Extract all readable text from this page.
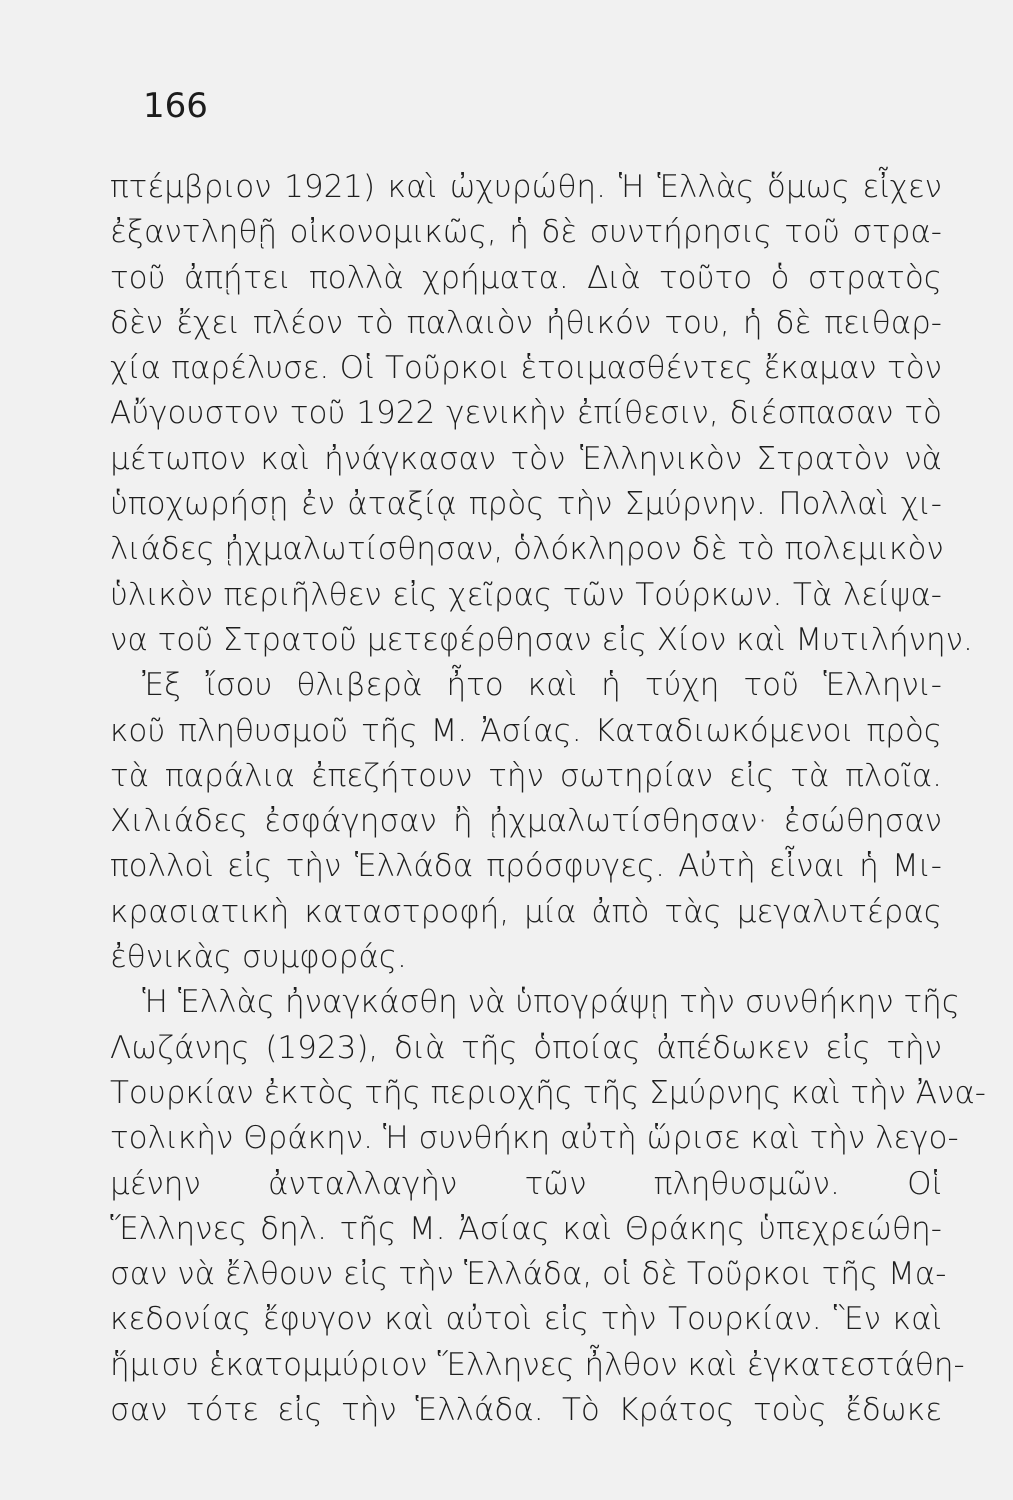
166
πτέμβριον 1921) καὶ ὠχυρώθη. Ἡ Ἑλλὰς ὅμως εἶχεν
ἐξαντληθῇ οἰκονομικῶς, ἡ δὲ συντήρησις τοῦ στρα-
τοῦ ἀπῄτει πολλὰ χρήματα. Διὰ τοῦτο ὁ στρατὸς
δὲν ἔχει πλέον τὸ παλαιὸν ἠθικόν του, ἡ δὲ πειθαρ-
χία παρέλυσε. Οἱ Τοῦρκοι ἑτοιμασθέντες ἔκαμαν τὸν
Αὔγουστον τοῦ 1922 γενικὴν ἐπίθεσιν, διέσπασαν τὸ
μέτωπον καὶ ἠνάγκασαν τὸν Ἑλληνικὸν Στρατὸν νὰ
ὑποχωρήσῃ ἐν ἀταξίᾳ πρὸς τὴν Σμύρνην. Πολλαὶ χι-
λιάδες ᾐχμαλωτίσθησαν, ὁλόκληρον δὲ τὸ πολεμικὸν
ὑλικὸν περιῆλθεν εἰς χεῖρας τῶν Τούρκων. Τὰ λείψα-
να τοῦ Στρατοῦ μετεφέρθησαν εἰς Χίον καὶ Μυτιλήνην.
Ἐξ ἴσου θλιβερὰ ἦτο καὶ ἡ τύχη τοῦ Ἑλληνι-
κοῦ πληθυσμοῦ τῆς Μ. Ἀσίας. Καταδιωκόμενοι πρὸς
τὰ παράλια ἐπεζήτουν τὴν σωτηρίαν εἰς τὰ πλοῖα.
Χιλιάδες ἐσφάγησαν ἢ ᾐχμαλωτίσθησαν· ἐσώθησαν
πολλοὶ εἰς τὴν Ἑλλάδα πρόσφυγες. Αὐτὴ εἶναι ἡ Μι-
κρασιατικὴ καταστροφή, μία ἀπὸ τὰς μεγαλυτέρας
ἐθνικὰς συμφοράς.
Ἡ Ἑλλὰς ἠναγκάσθη νὰ ὑπογράψῃ τὴν συνθήκην τῆς
Λωζάνης (1923), διὰ τῆς ὁποίας ἀπέδωκεν εἰς τὴν
Τουρκίαν ἐκτὸς τῆς περιοχῆς τῆς Σμύρνης καὶ τὴν Ἀνα-
τολικὴν Θράκην. Ἡ συνθήκη αὐτὴ ὥρισε καὶ τὴν λεγο-
μένην ἀνταλλαγὴν τῶν πληθυσμῶν. Οἱ
Ἕλληνες δηλ. τῆς Μ. Ἀσίας καὶ Θράκης ὑπεχρεώθη-
σαν νὰ ἔλθουν εἰς τὴν Ἑλλάδα, οἱ δὲ Τοῦρκοι τῆς Μα-
κεδονίας ἔφυγον καὶ αὐτοὶ εἰς τὴν Τουρκίαν. Ἓν καὶ
ἥμισυ ἑκατομμύριον Ἕλληνες ἦλθον καὶ ἐγκατεστάθη-
σαν τότε εἰς τὴν Ἑλλάδα. Τὸ Κράτος τοὺς ἔδωκε
